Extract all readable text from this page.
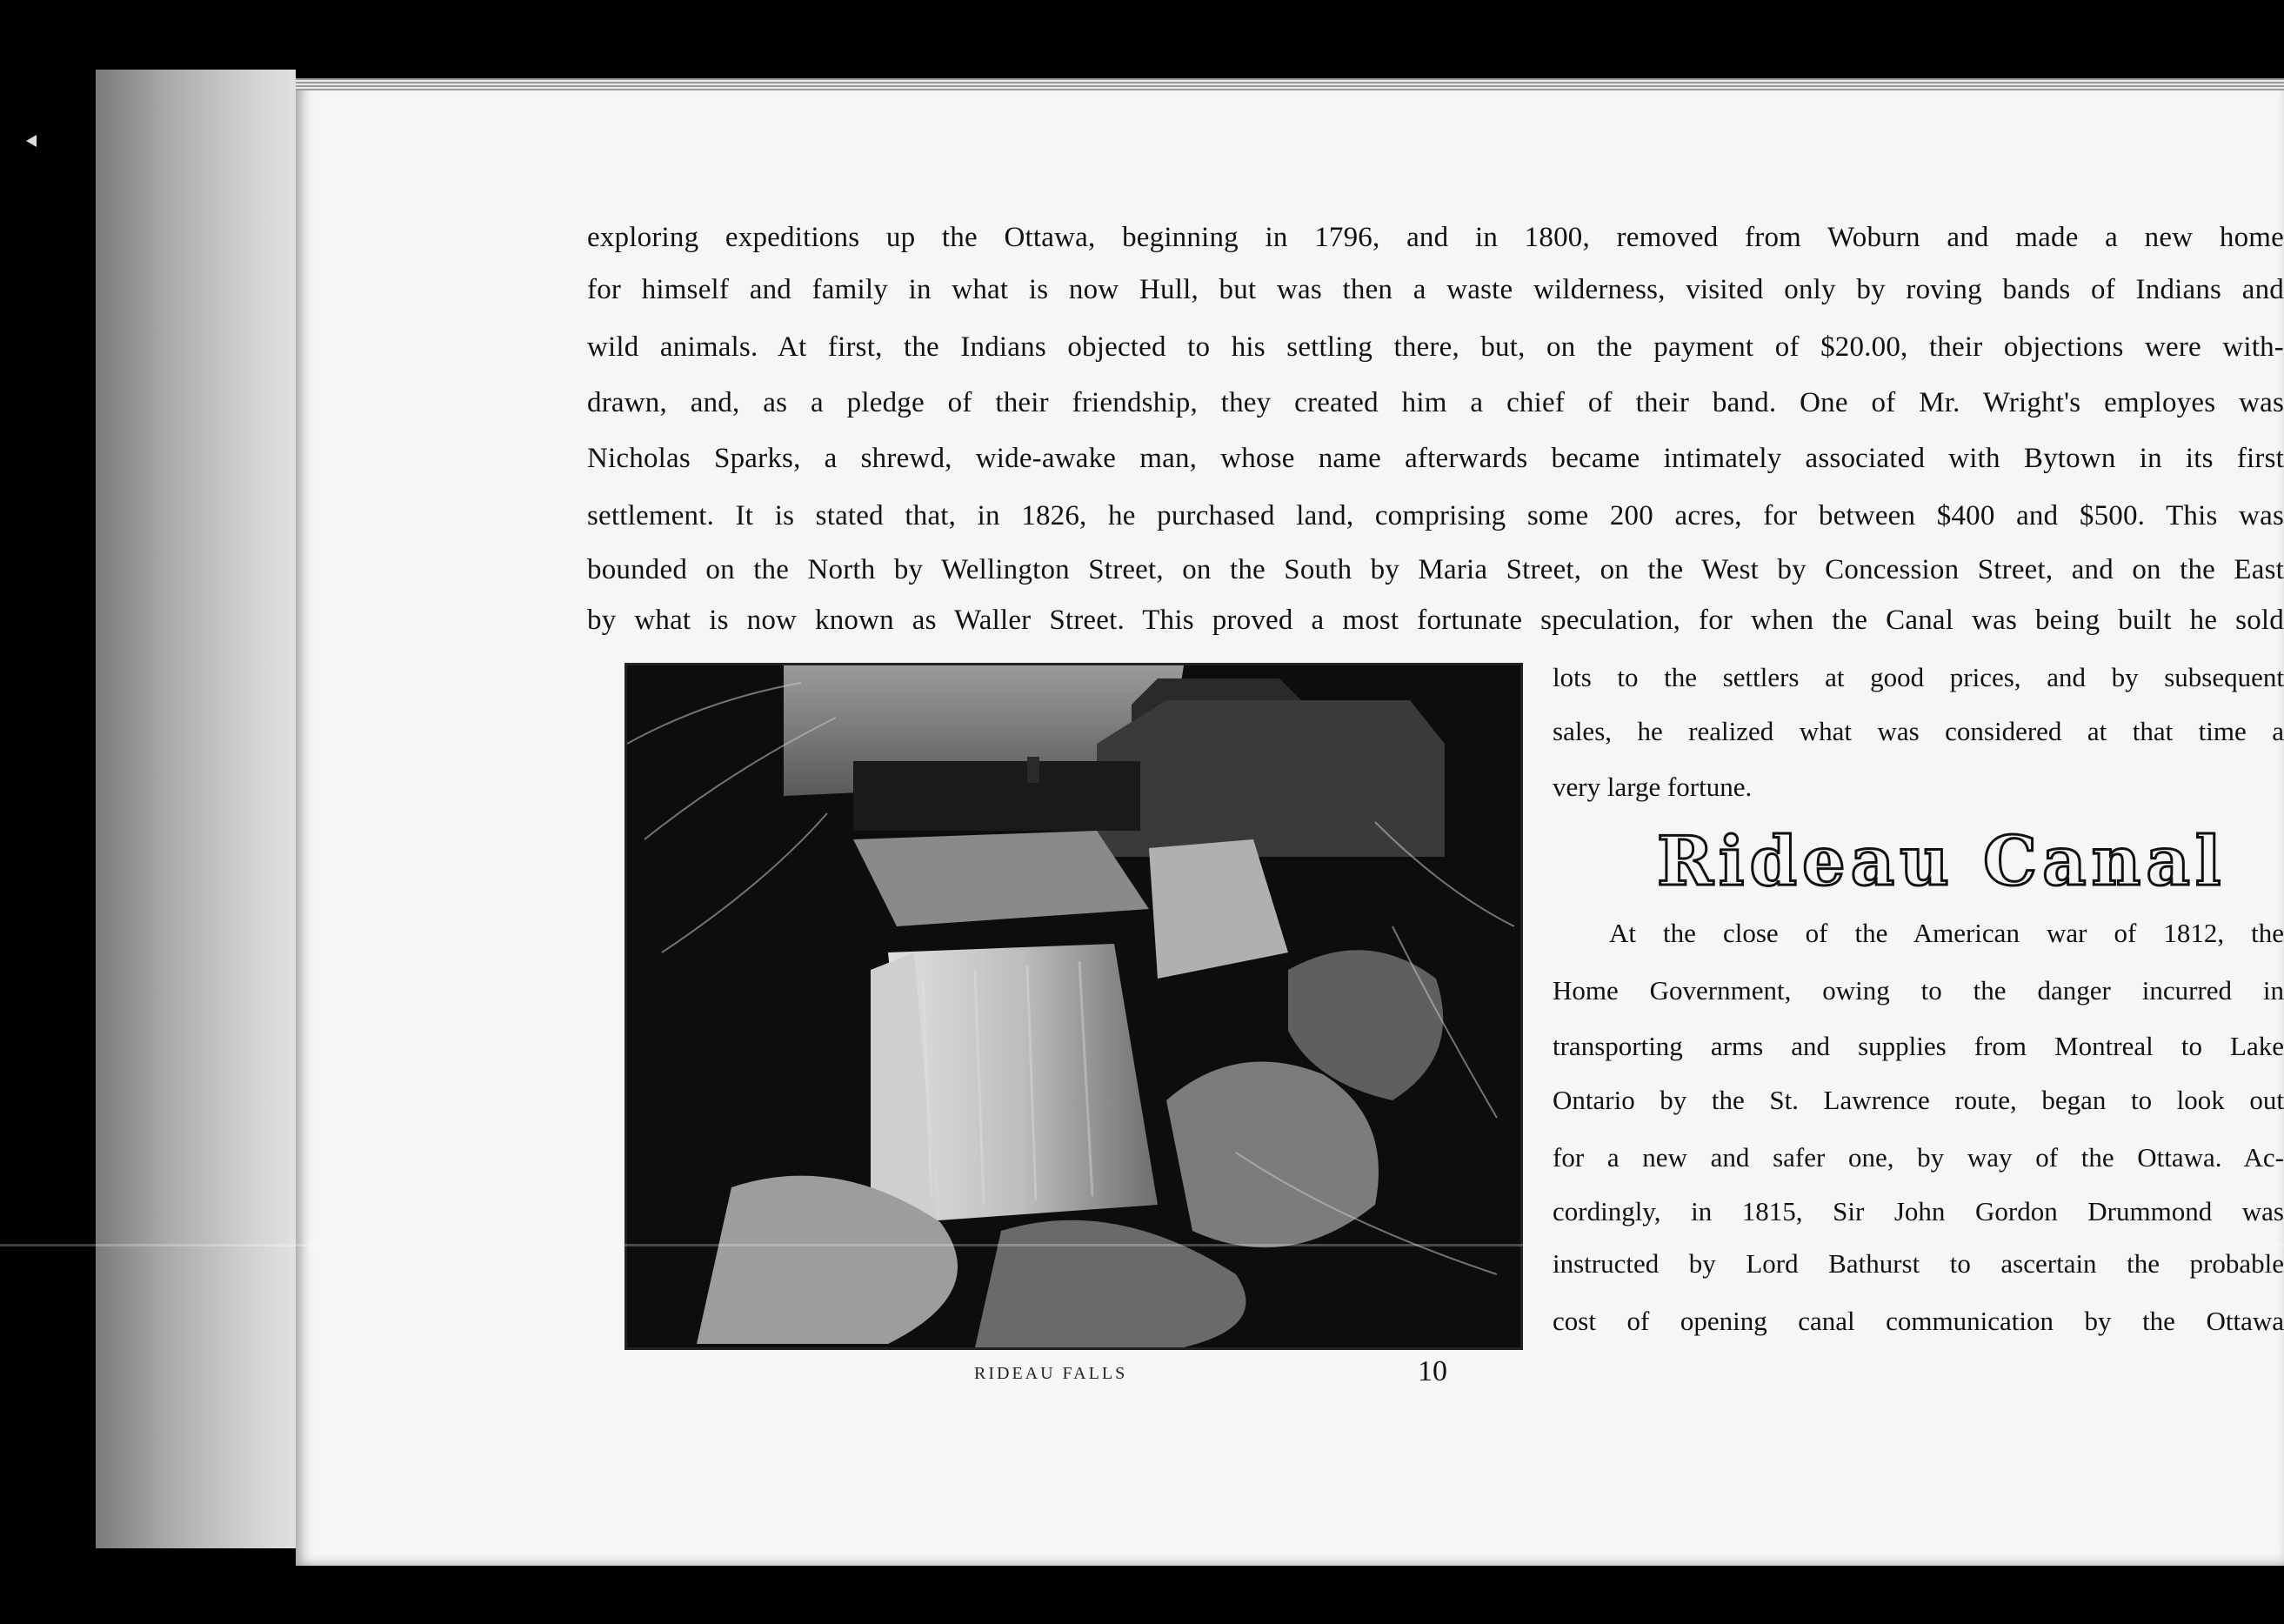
exploring expeditions up the Ottawa, beginning in 1796, and in 1800, removed from Woburn and made a new home
for himself and family in what is now Hull, but was then a waste wilderness, visited only by roving bands of Indians and
wild animals. At first, the Indians objected to his settling there, but, on the payment of $20.00, their objections were with-
drawn, and, as a pledge of their friendship, they created him a chief of their band. One of Mr. Wright's employes was
Nicholas Sparks, a shrewd, wide-awake man, whose name afterwards became intimately associated with Bytown in its first
settlement. It is stated that, in 1826, he purchased land, comprising some 200 acres, for between $400 and $500. This was
bounded on the North by Wellington Street, on the South by Maria Street, on the West by Concession Street, and on the East
by what is now known as Waller Street. This proved a most fortunate speculation, for when the Canal was being built he sold
RIDEAU FALLS	10
lots to the settlers at good prices, and by subsequent
sales, he realized what was considered at that time a
very large fortune.
Rideau Canal
At the close of the American war of 1812, the
Home Government, owing to the danger incurred in
transporting arms and supplies from Montreal to Lake
Ontario by the St. Lawrence route, began to look out
for a new and safer one, by way of the Ottawa. Ac-
cordingly, in 1815, Sir John Gordon Drummond was
instructed by Lord Bathurst to ascertain the probable
cost of opening canal communication by the Ottawa
